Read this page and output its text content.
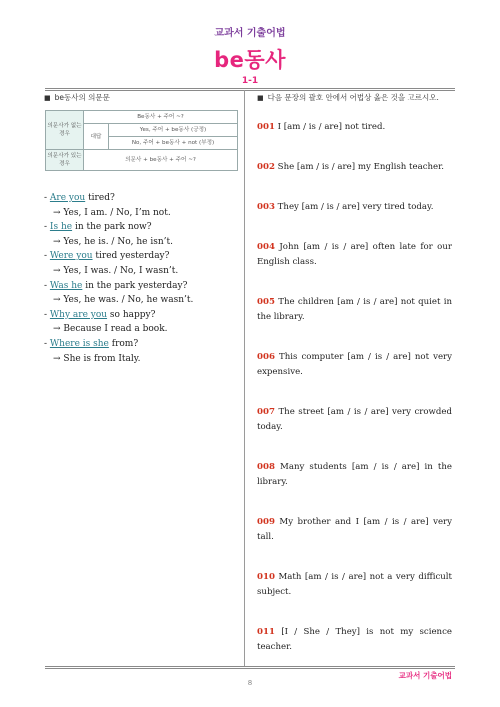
교과서 기출어법
be동사
1-1
■ be동사의 의문문
의문사가 없는 경우	Be동사 + 주어 ~?	
	대답	Yes, 주어 + be동사 (긍정)
		No, 주어 + be동사 + not (부정)
의문사가 있는 경우	의문사 + be동사 + 주어 ~?	
- Are you tired?
→ Yes, I am. / No, I’m not.
- Is he in the park now?
→ Yes, he is. / No, he isn’t.
- Were you tired yesterday?
→ Yes, I was. / No, I wasn’t.
- Was he in the park yesterday?
→ Yes, he was. / No, he wasn’t.
- Why are you so happy?
→ Because I read a book.
- Where is she from?
→ She is from Italy.
■ 다음 문장의 괄호 안에서 어법상 옳은 것을 고르시오.

001 I [am / is / are] not tired.

002 She [am / is / are] my English teacher.

003 They [am / is / are] very tired today.

004 John [am / is / are] often late for our English class.

005 The children [am / is / are] not quiet in the library.

006 This computer [am / is / are] not very expensive.

007 The street [am / is / are] very crowded today.

008 Many students [am / is / are] in the library.

009 My brother and I [am / is / are] very tall.

010 Math [am / is / are] not a very difficult subject.

011 [I / She / They] is not my science teacher.

교과서 기출어법
8
